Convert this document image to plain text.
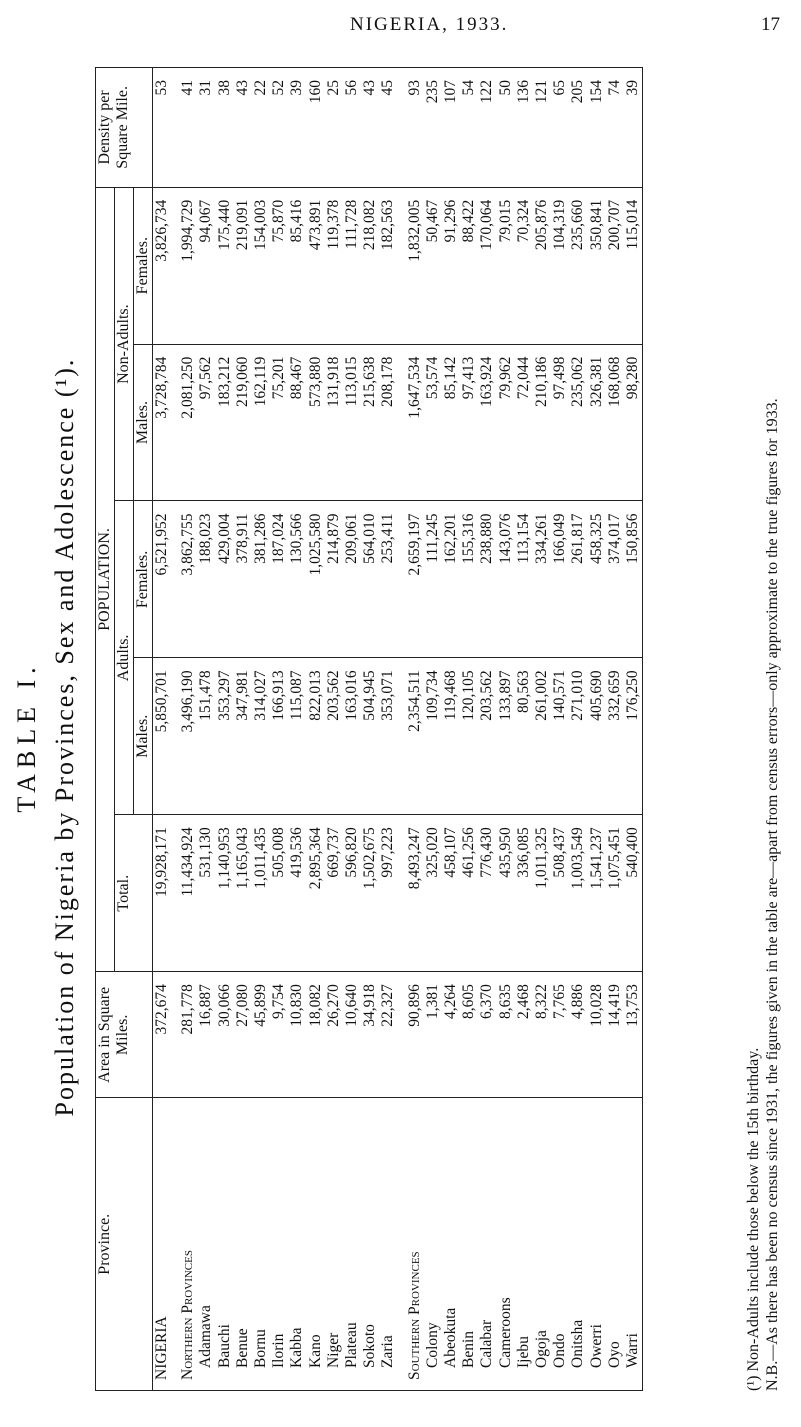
NIGERIA, 1933.	17
TABLE I. Population of Nigeria by Provinces, Sex and Adolescence (¹).
Province.	Area in Square Miles.	POPULATION.					Density per Square Mile.
		Total.	Adults.		Non-Adults.		
			Males.	Females.	Males.	Females.	
NIGERIA	372,674	19,928,171	5,850,701	6,521,952	3,728,784	3,826,734	53

Northern Provinces	281,778	11,434,924	3,496,190	3,862,755	2,081,250	1,994,729	41
Adamawa	16,887	531,130	151,478	188,023	97,562	94,067	31
Bauchi	30,066	1,140,953	353,297	429,004	183,212	175,440	38
Benue	27,080	1,165,043	347,981	378,911	219,060	219,091	43
Bornu	45,899	1,011,435	314,027	381,286	162,119	154,003	22
Ilorin	9,754	505,008	166,913	187,024	75,201	75,870	52
Kabba	10,830	419,536	115,087	130,566	88,467	85,416	39
Kano	18,082	2,895,364	822,013	1,025,580	573,880	473,891	160
Niger	26,270	669,737	203,562	214,879	131,918	119,378	25
Plateau	10,640	596,820	163,016	209,061	113,015	111,728	56
Sokoto	34,918	1,502,675	504,945	564,010	215,638	218,082	43
Zaria	22,327	997,223	353,071	253,411	208,178	182,563	45

Southern Provinces	90,896	8,493,247	2,354,511	2,659,197	1,647,534	1,832,005	93
Colony	1,381	325,020	109,734	111,245	53,574	50,467	235
Abeokuta	4,264	458,107	119,468	162,201	85,142	91,296	107
Benin	8,605	461,256	120,105	155,316	97,413	88,422	54
Calabar	6,370	776,430	203,562	238,880	163,924	170,064	122
Cameroons	8,635	435,950	133,897	143,076	79,962	79,015	50
Ijebu	2,468	336,085	80,563	113,154	72,044	70,324	136
Ogoja	8,322	1,011,325	261,002	334,261	210,186	205,876	121
Ondo	7,765	508,437	140,571	166,049	97,498	104,319	65
Onitsha	4,886	1,003,549	271,010	261,817	235,062	235,660	205
Owerri	10,028	1,541,237	405,690	458,325	326,381	350,841	154
Oyo	14,419	1,075,451	332,659	374,017	168,068	200,707	74
Warri	13,753	540,400	176,250	150,856	98,280	115,014	39
(¹) Non-Adults include those below the 15th birthday. N.B.—As there has been no census since 1931, the figures given in the table are—apart from census errors—only approximate to the true figures for 1933.
